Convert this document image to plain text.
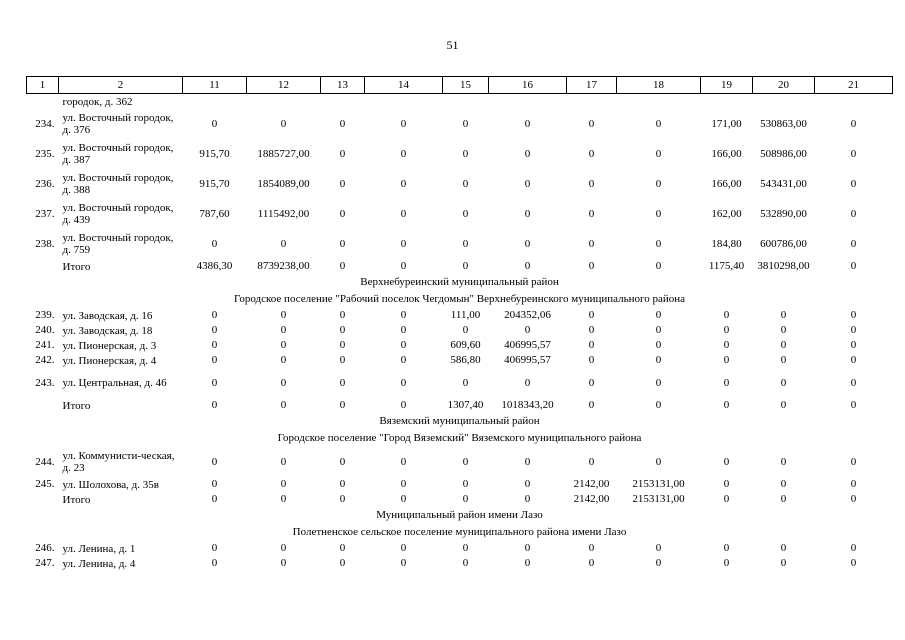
51
1	2	11	12	13	14	15	16	17	18	19	20	21
	городок, д. 362											
234.	ул. Восточный городок, д. 376	0	0	0	0	0	0	0	0	171,00	530863,00	0
235.	ул. Восточный городок, д. 387	915,70	1885727,00	0	0	0	0	0	0	166,00	508986,00	0
236.	ул. Восточный городок, д. 388	915,70	1854089,00	0	0	0	0	0	0	166,00	543431,00	0
237.	ул. Восточный городок, д. 439	787,60	1115492,00	0	0	0	0	0	0	162,00	532890,00	0
238.	ул. Восточный городок, д. 759	0	0	0	0	0	0	0	0	184,80	600786,00	0
	Итого	4386,30	8739238,00	0	0	0	0	0	0	1175,40	3810298,00	0
Верхнебуреинский муниципальный район												
Городское поселение "Рабочий поселок Чегдомын" Верхнебуреинского муниципального района												
239.	ул. Заводская, д. 16	0	0	0	0	111,00	204352,06	0	0	0	0	0
240.	ул. Заводская, д. 18	0	0	0	0	0	0	0	0	0	0	0
241.	ул. Пионерская, д. 3	0	0	0	0	609,60	406995,57	0	0	0	0	0
242.	ул. Пионерская, д. 4	0	0	0	0	586,80	406995,57	0	0	0	0	0
243.	ул. Центральная, д. 46	0	0	0	0	0	0	0	0	0	0	0
	Итого	0	0	0	0	1307,40	1018343,20	0	0	0	0	0
Вяземский муниципальный район												
Городское поселение "Город Вяземский" Вяземского муниципального района												
244.	ул. Коммунисти-ческая, д. 23	0	0	0	0	0	0	0	0	0	0	0
245.	ул. Шолохова, д. 35в	0	0	0	0	0	0	2142,00	2153131,00	0	0	0
	Итого	0	0	0	0	0	0	2142,00	2153131,00	0	0	0
Муниципальный район имени Лазо												
Полетненское сельское поселение муниципального района имени Лазо												
246.	ул. Ленина, д. 1	0	0	0	0	0	0	0	0	0	0	0
247.	ул. Ленина, д. 4	0	0	0	0	0	0	0	0	0	0	0
